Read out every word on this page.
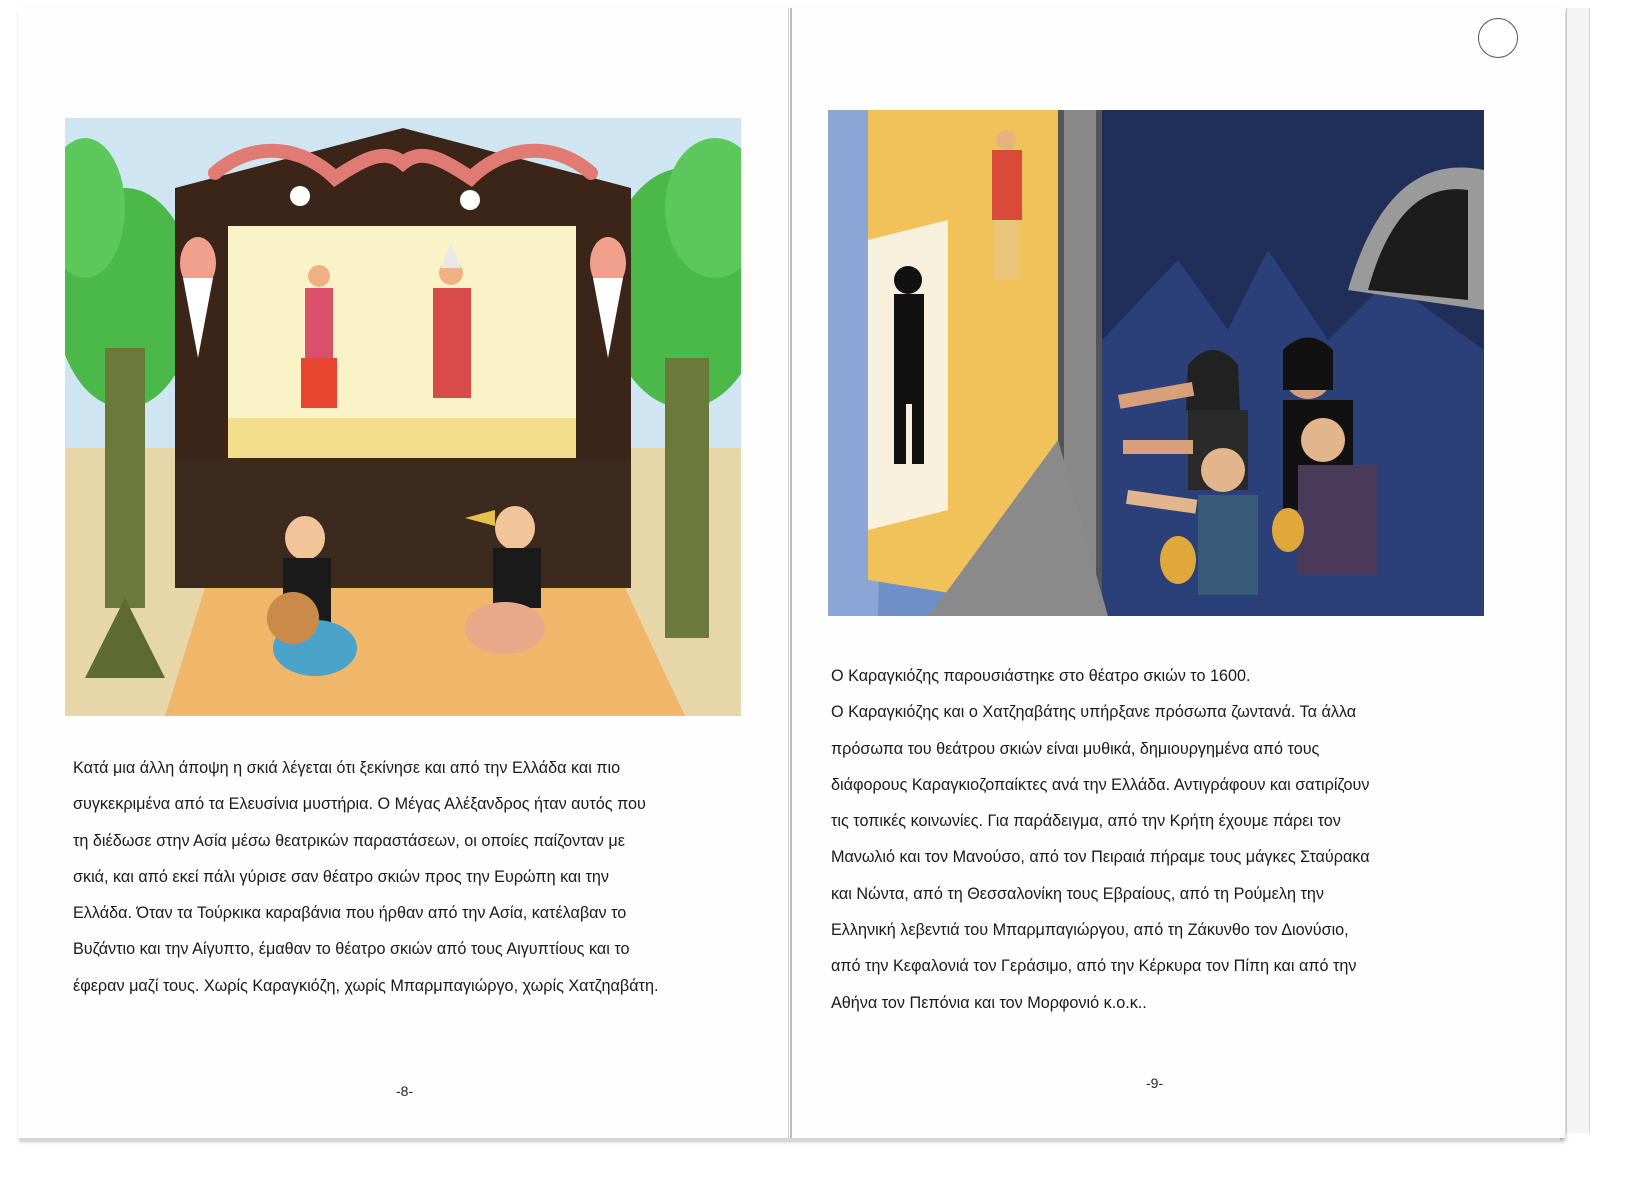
Κατά μια άλλη άποψη η σκιά λέγεται ότι ξεκίνησε και από την Ελλάδα και πιο

συγκεκριμένα από τα Ελευσίνια μυστήρια. Ο Μέγας Αλέξανδρος ήταν αυτός που

τη διέδωσε στην Ασία μέσω θεατρικών παραστάσεων, οι οποίες παίζονταν με

σκιά, και από εκεί πάλι γύρισε σαν θέατρο σκιών προς την Ευρώπη και την

Ελλάδα. Όταν τα Τούρκικα καραβάνια που ήρθαν από την Ασία, κατέλαβαν το

Βυζάντιο και την Αίγυπτο, έμαθαν το θέατρο σκιών από τους Αιγυπτίους και το

έφεραν μαζί τους. Χωρίς Καραγκιόζη, χωρίς Μπαρμπαγιώργο, χωρίς Χατζηαβάτη.

-8-

Ο Καραγκιόζης παρουσιάστηκε στο θέατρο σκιών το 1600.

Ο Καραγκιόζης και ο Χατζηαβάτης υπήρξανε πρόσωπα ζωντανά. Τα άλλα

πρόσωπα του θεάτρου σκιών είναι μυθικά, δημιουργημένα από τους

διάφορους Καραγκιοζοπαίκτες ανά την Ελλάδα. Αντιγράφουν και σατιρίζουν

τις τοπικές κοινωνίες. Για παράδειγμα, από την Κρήτη έχουμε πάρει τον

Μανωλιό και τον Μανούσο, από τον Πειραιά πήραμε τους μάγκες Σταύρακα

και Νώντα, από τη Θεσσαλονίκη τους Εβραίους, από τη Ρούμελη την

Ελληνική λεβεντιά του Μπαρμπαγιώργου, από τη Ζάκυνθο τον Διονύσιο,

από την Κεφαλονιά τον Γεράσιμο, από την Κέρκυρα τον Πίπη και από την

Αθήνα τον Πεπόνια και τον Μορφονιό κ.ο.κ..

-9-
